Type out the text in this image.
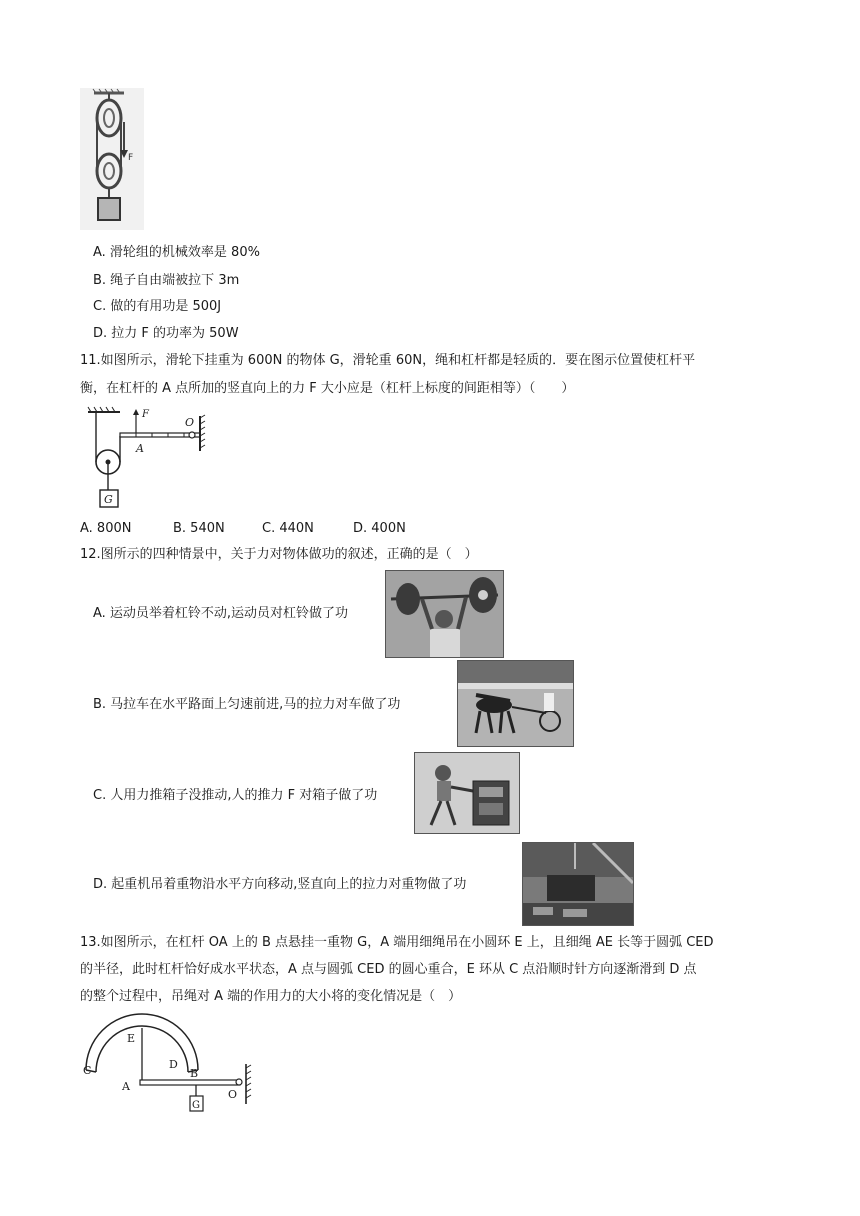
F
A. 滑轮组的机械效率是 80%
B. 绳子自由端被拉下 3m
C. 做的有用功是 500J
D. 拉力 F 的功率为 50W
11.如图所示，滑轮下挂重为 600N 的物体 G，滑轮重 60N，绳和杠杆都是轻质的．要在图示位置使杠杆平
衡，在杠杆的 A 点所加的竖直向上的力 F 大小应是（杠杆上标度的间距相等）（　　）
G
F
A
O
A. 800N	B. 540N	C. 440N	D. 400N
12.图所示的四种情景中，关于力对物体做功的叙述，正确的是（　）
A. 运动员举着杠铃不动,运动员对杠铃做了功
B. 马拉车在水平路面上匀速前进,马的拉力对车做了功
C. 人用力推箱子没推动,人的推力 F 对箱子做了功
D. 起重机吊着重物沿水平方向移动,竖直向上的拉力对重物做了功
13.如图所示，在杠杆 OA 上的 B 点悬挂一重物 G，A 端用细绳吊在小圆环 E 上，且细绳 AE 长等于圆弧 CED
的半径，此时杠杆恰好成水平状态，A 点与圆弧 CED 的圆心重合，E 环从 C 点沿顺时针方向逐渐滑到 D 点
的整个过程中，吊绳对 A 端的作用力的大小将的变化情况是（　）
C
E
D
B
A
O
G
